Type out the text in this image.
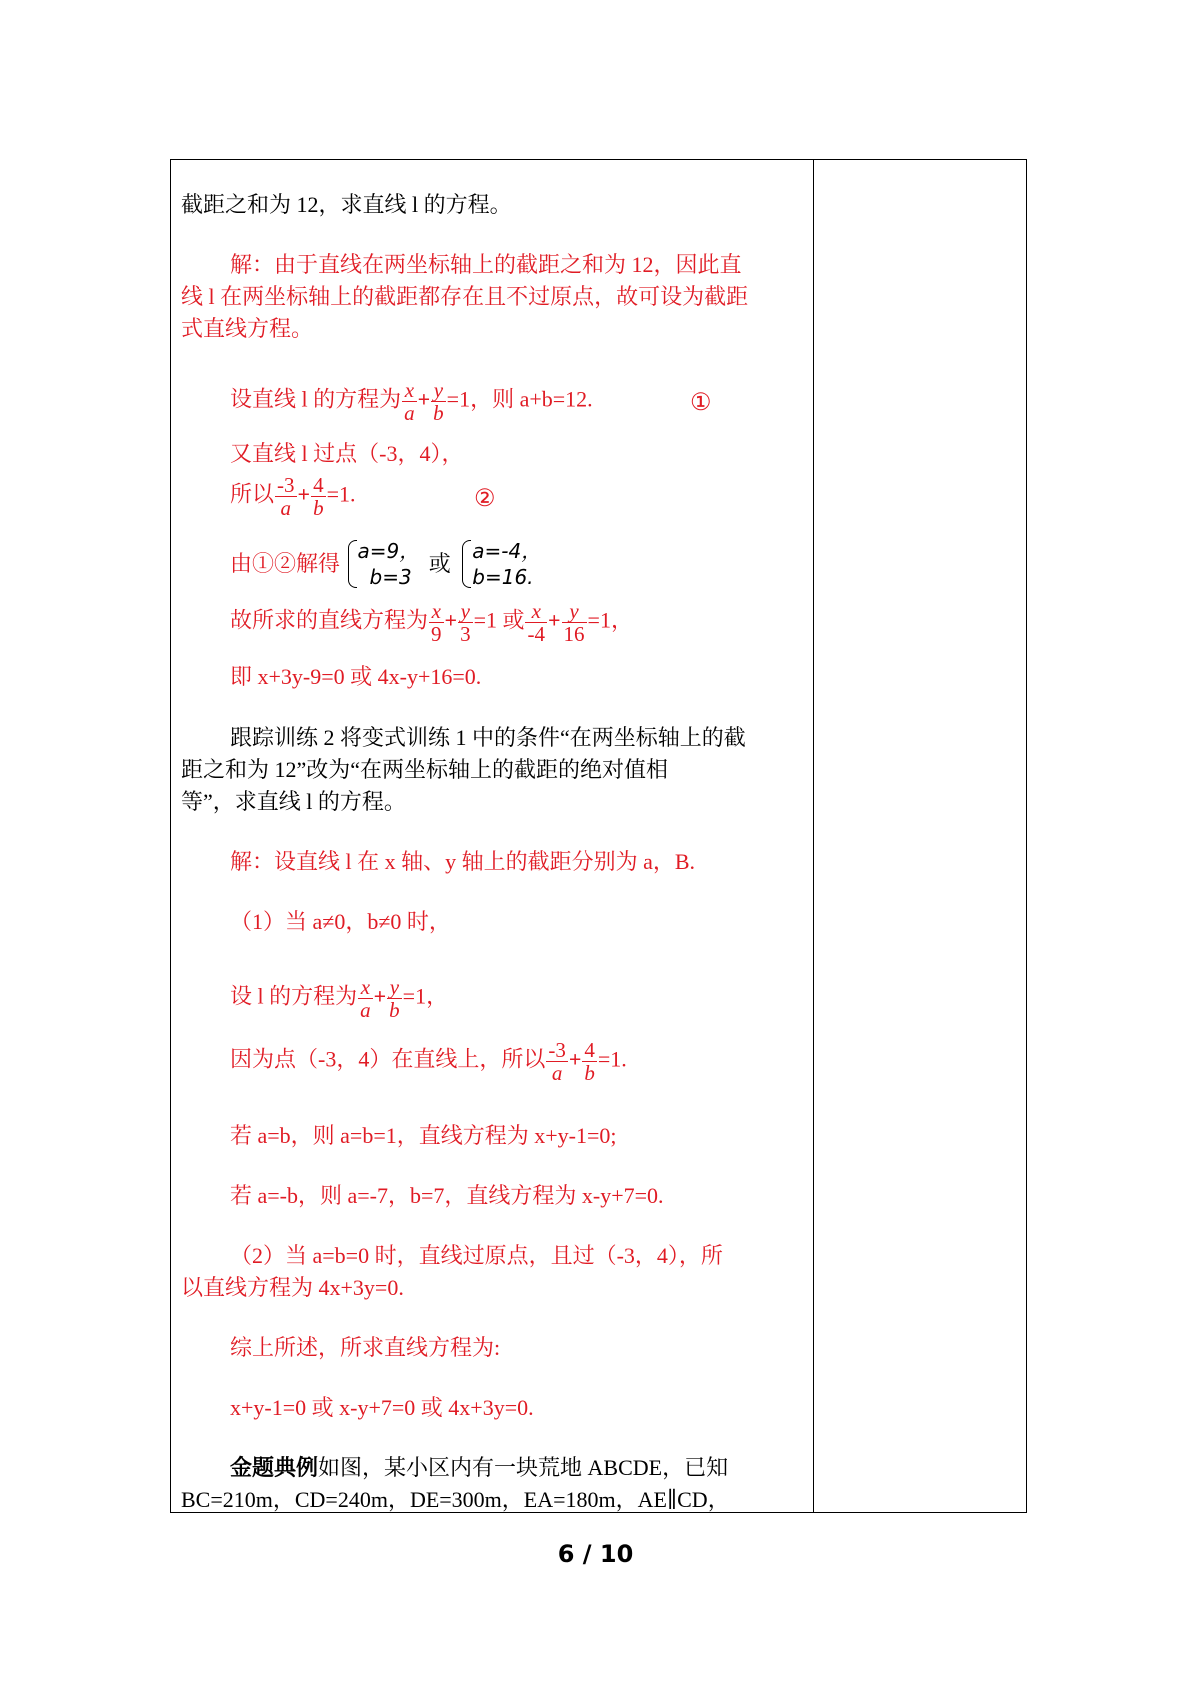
截距之和为 12，求直线 l 的方程。
解：由于直线在两坐标轴上的截距之和为 12，因此直
线 l 在两坐标轴上的截距都存在且不过原点，故可设为截距
式直线方程。
设直线 l 的方程为 $\frac{x}{a} + \frac{y}{b} =1$，则 a+b=12.	①
又直线 l 过点（-3，4），
所以 $\frac{-3}{a} + \frac{4}{b} =1$.	②
由①②解得 a=9，
b=3
或 a=-4，
b=16.
故所求的直线方程为 $\frac{x}{9} + \frac{y}{3} =1$ 或 $\frac{x}{-4} + \frac{y}{16} =1$，
即 x+3y-9=0 或 4x-y+16=0.
跟踪训练 2 将变式训练 1 中的条件“在两坐标轴上的截
距之和为 12”改为“在两坐标轴上的截距的绝对值相
等”，求直线 l 的方程。
解：设直线 l 在 x 轴、y 轴上的截距分别为 a，B.
（1）当 a≠0，b≠0 时，
设 l 的方程为 $\frac{x}{a} + \frac{y}{b} =1$，
因为点（-3，4）在直线上，所以 $\frac{-3}{a} + \frac{4}{b} =1$.
若 a=b，则 a=b=1，直线方程为 x+y-1=0;
若 a=-b，则 a=-7，b=7，直线方程为 x-y+7=0.
（2）当 a=b=0 时，直线过原点，且过（-3，4），所
以直线方程为 4x+3y=0.
综上所述，所求直线方程为:
x+y-1=0 或 x-y+7=0 或 4x+3y=0.
金题典例如图，某小区内有一块荒地 ABCDE，已知
BC=210m，CD=240m，DE=300m，EA=180m，AE∥CD，
6 / 10
